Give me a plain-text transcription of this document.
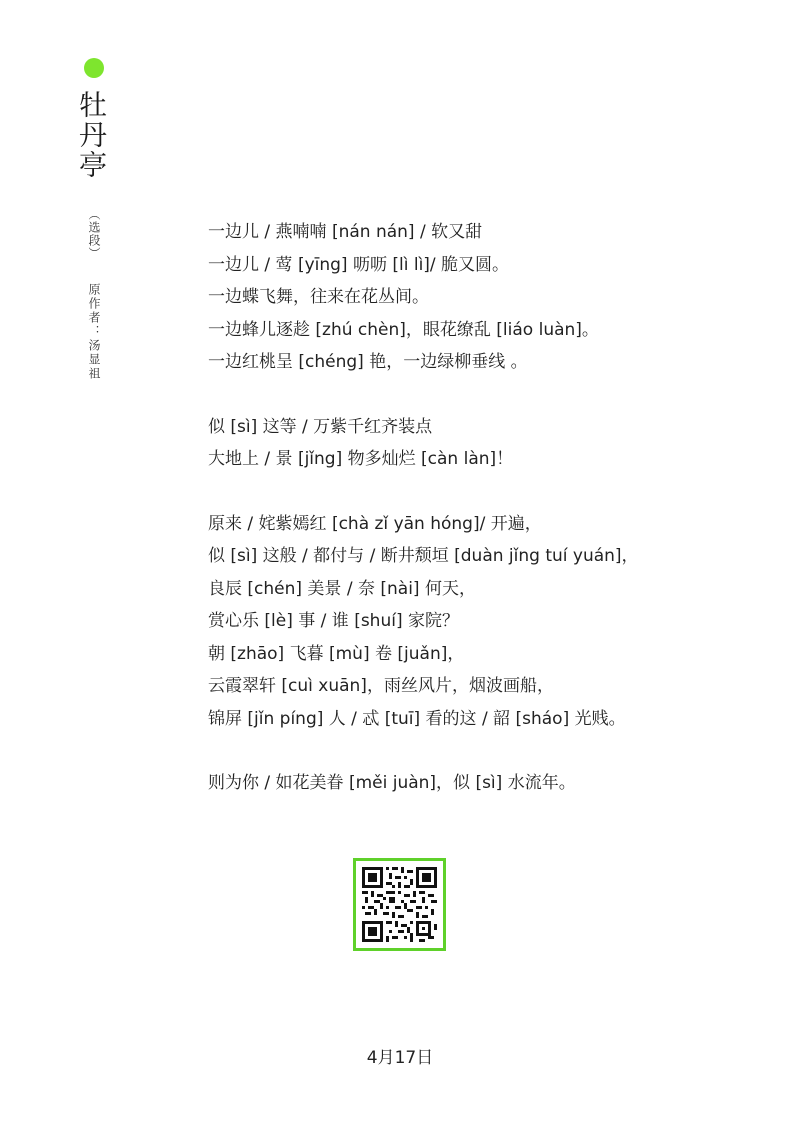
牡丹亭
（选段）
原作者：汤显祖
一边儿 / 燕喃喃 [nán nán] / 软又甜
一边儿 / 莺 [yīng] 呖呖 [lì lì]/ 脆又圆。
一边蝶飞舞，往来在花丛间。
一边蜂儿逐趁 [zhú chèn]，眼花缭乱 [liáo luàn]。
一边红桃呈 [chéng] 艳，一边绿柳垂线 。
似 [sì] 这等 / 万紫千红齐装点
大地上 / 景 [jǐng] 物多灿烂 [càn làn]！
原来 / 姹紫嫣红 [chà zǐ yān hóng]/ 开遍，
似 [sì] 这般 / 都付与 / 断井颓垣 [duàn jǐng tuí yuán]，
良辰 [chén] 美景 / 奈 [nài] 何天，
赏心乐 [lè] 事 / 谁 [shuí] 家院？
朝 [zhāo] 飞暮 [mù] 卷 [juǎn]，
云霞翠轩 [cuì xuān]，雨丝风片，烟波画船，
锦屏 [jǐn píng] 人 / 忒 [tuī] 看的这 / 韶 [sháo] 光贱。
则为你 / 如花美眷 [měi juàn]，似 [sì] 水流年。
4月17日
